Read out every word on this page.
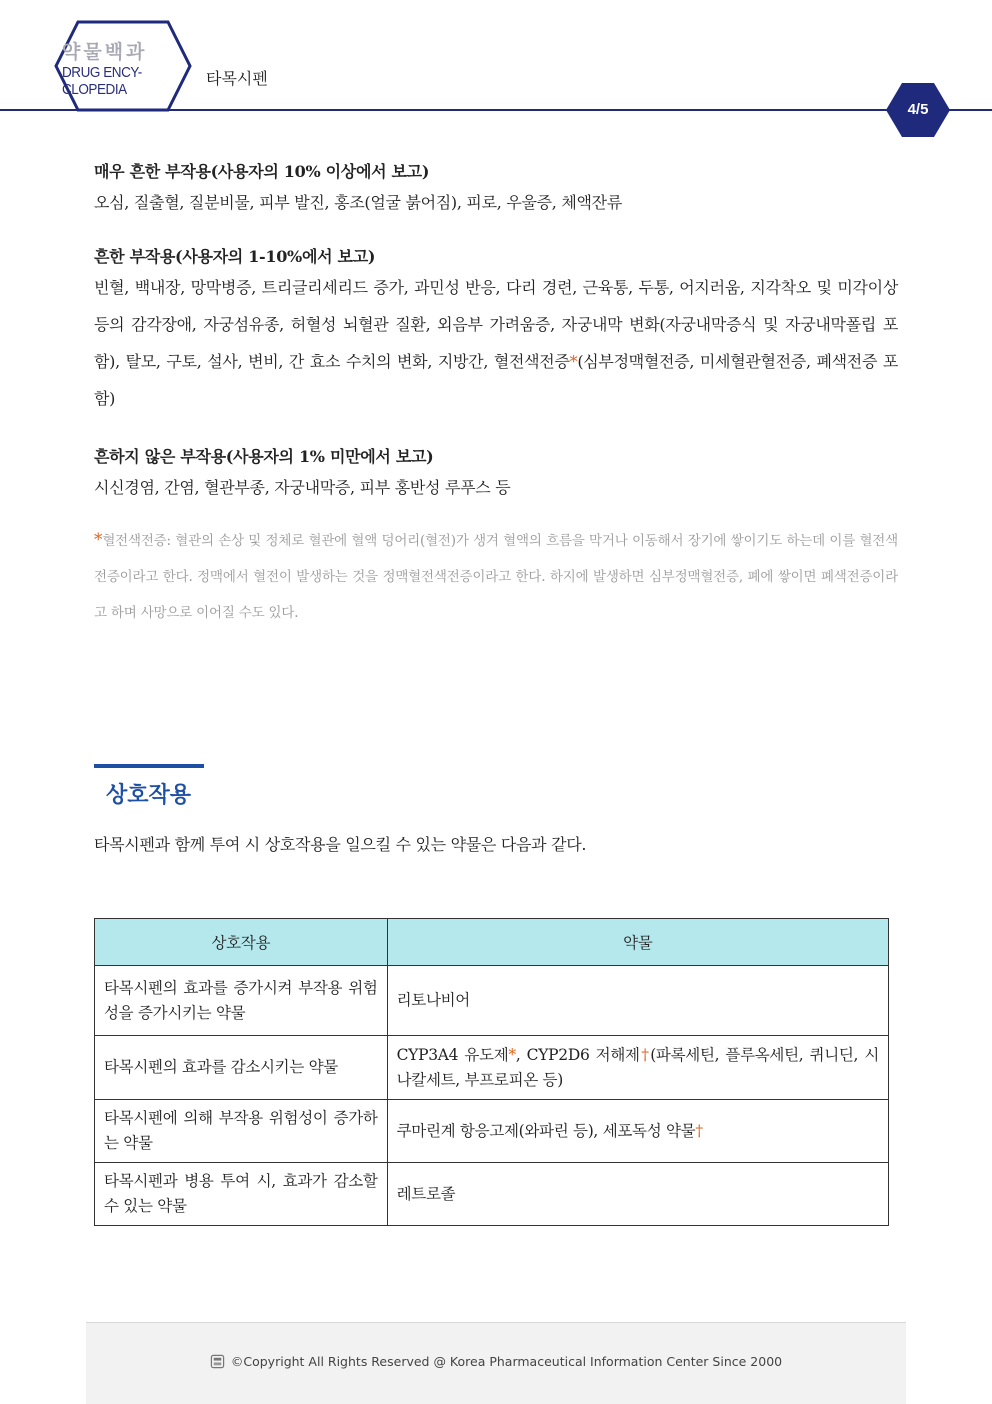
약물백과
DRUG ENCY-
CLOPEDIA
타목시펜
4/5
매우 흔한 부작용(사용자의 10% 이상에서 보고)

오심, 질출혈, 질분비물, 피부 발진, 홍조(얼굴 붉어짐), 피로, 우울증, 체액잔류

흔한 부작용(사용자의 1-10%에서 보고)

빈혈, 백내장, 망막병증, 트리글리세리드 증가, 과민성 반응, 다리 경련, 근육통, 두통, 어지러움, 지각착오 및 미각이상 등의 감각장애, 자궁섬유종, 허혈성 뇌혈관 질환, 외음부 가려움증, 자궁내막 변화(자궁내막증식 및 자궁내막폴립 포함), 탈모, 구토, 설사, 변비, 간 효소 수치의 변화, 지방간, 혈전색전증*(심부정맥혈전증, 미세혈관혈전증, 폐색전증 포함)

흔하지 않은 부작용(사용자의 1% 미만에서 보고)

시신경염, 간염, 혈관부종, 자궁내막증, 피부 홍반성 루푸스 등

*혈전색전증: 혈관의 손상 및 정체로 혈관에 혈액 덩어리(혈전)가 생겨 혈액의 흐름을 막거나 이동해서 장기에 쌓이기도 하는데 이를 혈전색전증이라고 한다. 정맥에서 혈전이 발생하는 것을 정맥혈전색전증이라고 한다. 하지에 발생하면 심부정맥혈전증, 폐에 쌓이면 폐색전증이라고 하며 사망으로 이어질 수도 있다.

상호작용
타목시펜과 함께 투여 시 상호작용을 일으킬 수 있는 약물은 다음과 같다.
상호작용	약물
타목시펜의 효과를 증가시켜 부작용 위험성을 증가시키는 약물	리토나비어
타목시펜의 효과를 감소시키는 약물	CYP3A4 유도제*, CYP2D6 저해제†(파록세틴, 플루옥세틴, 퀴니딘, 시나칼세트, 부프로피온 등)
타목시펜에 의해 부작용 위험성이 증가하는 약물	쿠마린계 항응고제(와파린 등), 세포독성 약물†
타목시펜과 병용 투여 시, 효과가 감소할 수 있는 약물	레트로졸
©Copyright All Rights Reserved @ Korea Pharmaceutical Information Center Since 2000
